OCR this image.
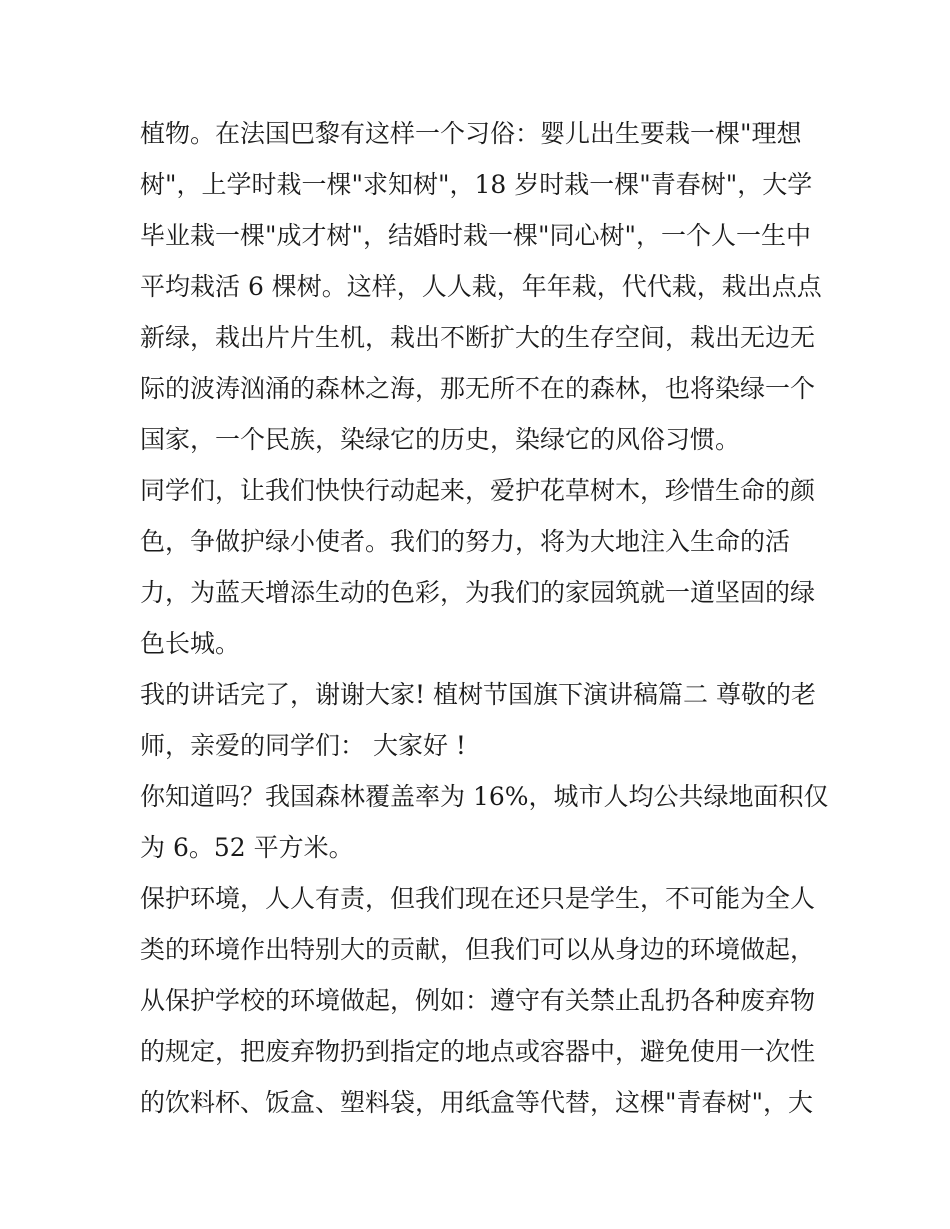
植物。在法国巴黎有这样一个习俗：婴儿出生要栽一棵"理想
树"，上学时栽一棵"求知树"，18 岁时栽一棵"青春树"，大学
毕业栽一棵"成才树"，结婚时栽一棵"同心树"，一个人一生中
平均栽活 6 棵树。这样，人人栽，年年栽，代代栽，栽出点点
新绿，栽出片片生机，栽出不断扩大的生存空间，栽出无边无
际的波涛汹涌的森林之海，那无所不在的森林，也将染绿一个
国家，一个民族，染绿它的历史，染绿它的风俗习惯。
同学们，让我们快快行动起来，爱护花草树木，珍惜生命的颜
色，争做护绿小使者。我们的努力，将为大地注入生命的活
力，为蓝天增添生动的色彩，为我们的家园筑就一道坚固的绿
色长城。
我的讲话完了，谢谢大家! 植树节国旗下演讲稿篇二 尊敬的老
师，亲爱的同学们： 大家好 !
你知道吗？我国森林覆盖率为 16%，城市人均公共绿地面积仅
为 6。52 平方米。
保护环境，人人有责，但我们现在还只是学生，不可能为全人
类的环境作出特别大的贡献，但我们可以从身边的环境做起，
从保护学校的环境做起，例如：遵守有关禁止乱扔各种废弃物
的规定，把废弃物扔到指定的地点或容器中，避免使用一次性
的饮料杯、饭盒、塑料袋，用纸盒等代替，这棵"青春树"，大
